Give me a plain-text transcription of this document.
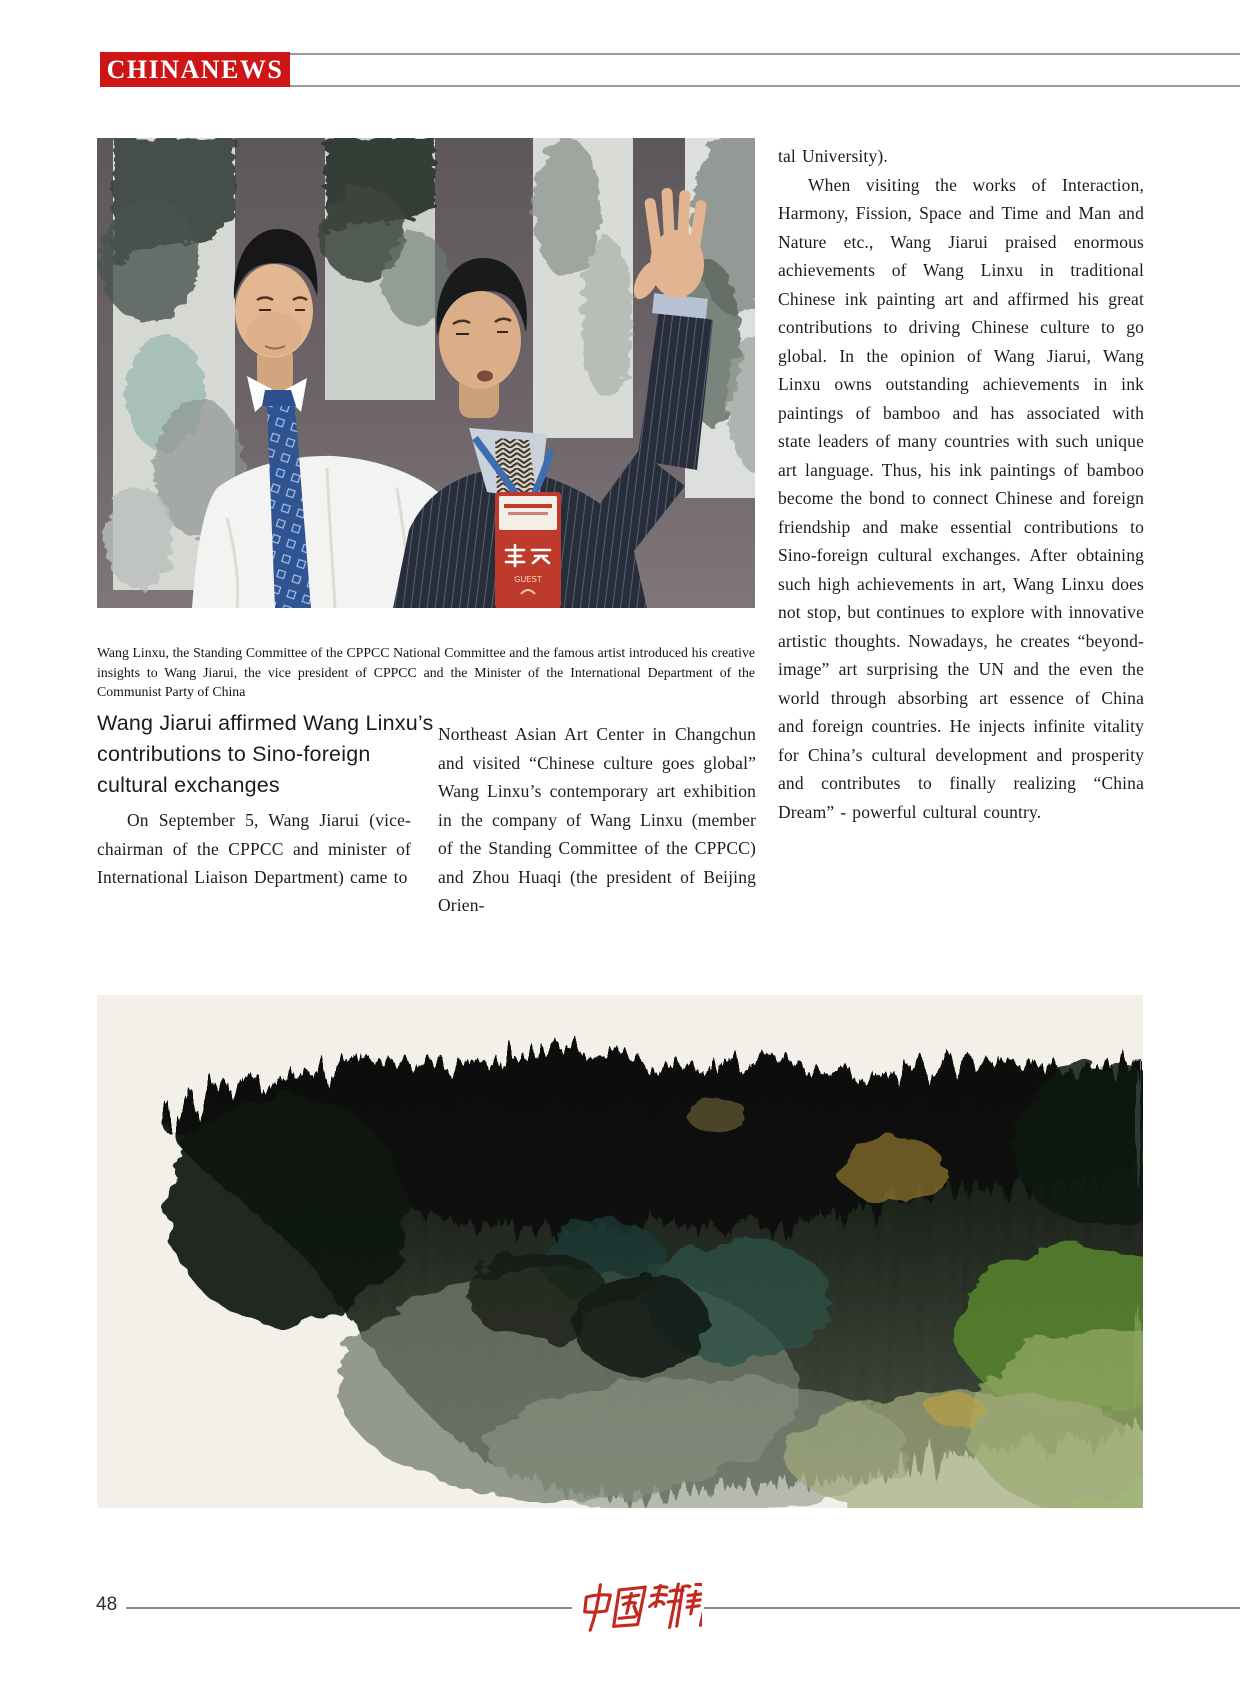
CHINANEWS
GUEST

Wang Linxu, the Standing Committee of the CPPCC National Committee and the famous artist introduced his creative insights to Wang Jiarui, the vice president of CPPCC and the Minister of the International Department of the Communist Party of China

Wang Jiarui affirmed Wang Linxu’s contributions to Sino-foreign cultural exchanges

On September 5, Wang Jiarui (vice-chairman of the CPPCC and minister of International Liaison Department) came to

Northeast Asian Art Center in Changchun and visited “Chinese culture goes global” Wang Linxu’s contemporary art exhibition in the company of Wang Linxu (member of the Standing Committee of the CPPCC) and Zhou Huaqi (the president of Beijing Orien-

tal University).

When visiting the works of Interaction, Harmony, Fission, Space and Time and Man and Nature etc., Wang Jiarui praised enormous achievements of Wang Linxu in traditional Chinese ink painting art and affirmed his great contributions to driving Chinese culture to go global. In the opinion of Wang Jiarui, Wang Linxu owns outstanding achievements in ink paintings of bamboo and has associated with state leaders of many countries with such unique art language. Thus, his ink paintings of bamboo become the bond to connect Chinese and foreign friendship and make essential contributions to Sino-foreign cultural exchanges. After obtaining such high achievements in art, Wang Linxu does not stop, but continues to explore with innovative artistic thoughts. Nowadays, he creates “beyond-image” art surprising the UN and the even the world through absorbing art essence of China and foreign countries. He injects infinite vitality for China’s cultural development and prosperity and contributes to finally realizing “China Dream” - powerful cultural country.

48
